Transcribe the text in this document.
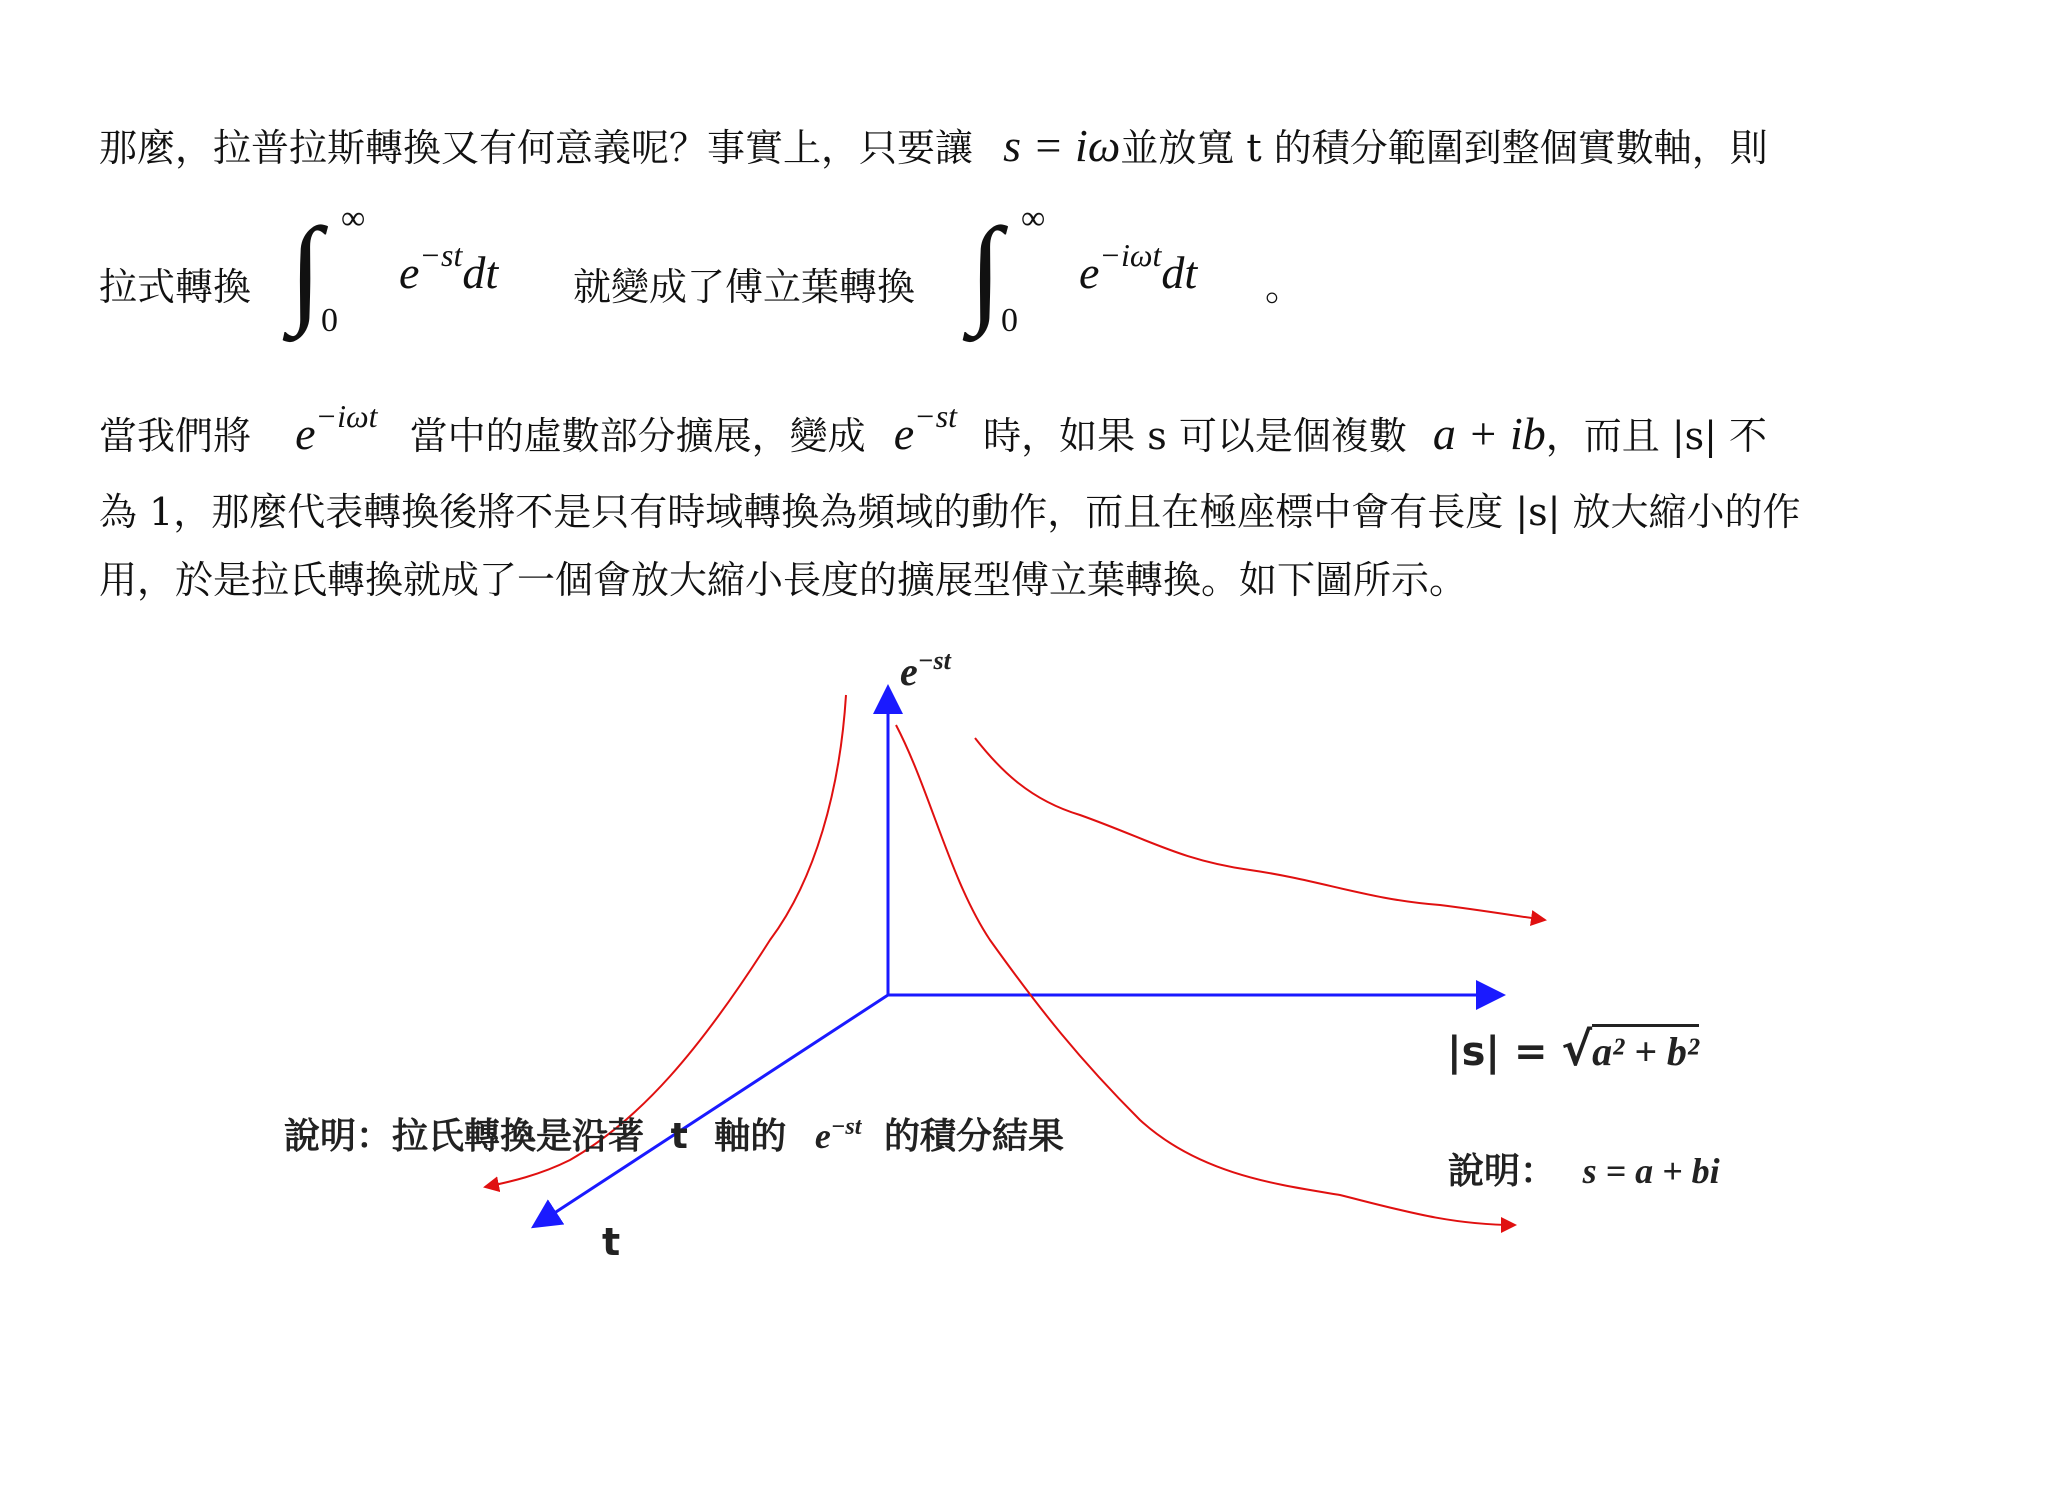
那麼，拉普拉斯轉換又有何意義呢？事實上，只要讓 s = iω並放寬 t 的積分範圍到整個實數軸，則
拉式轉換 ∫ ∞
0
e−stdt 就變成了傅立葉轉換 ∫ ∞
0
e−iωtdt 。
當我們將 $e^{-i\omega t}$ 當中的虛數部分擴展，變成 $e^{-st}$ 時，如果 s 可以是個複數 a + ib，而且 |s| 不
為 1，那麼代表轉換後將不是只有時域轉換為頻域的動作，而且在極座標中會有長度 |s| 放大縮小的作
用，於是拉氏轉換就成了一個會放大縮小長度的擴展型傅立葉轉換。如下圖所示。
$e^{-st}$
|s| = √a² + b²
說明：拉氏轉換是沿著 t 軸的 $e^{-st}$ 的積分結果
說明： s = a + bi
t
